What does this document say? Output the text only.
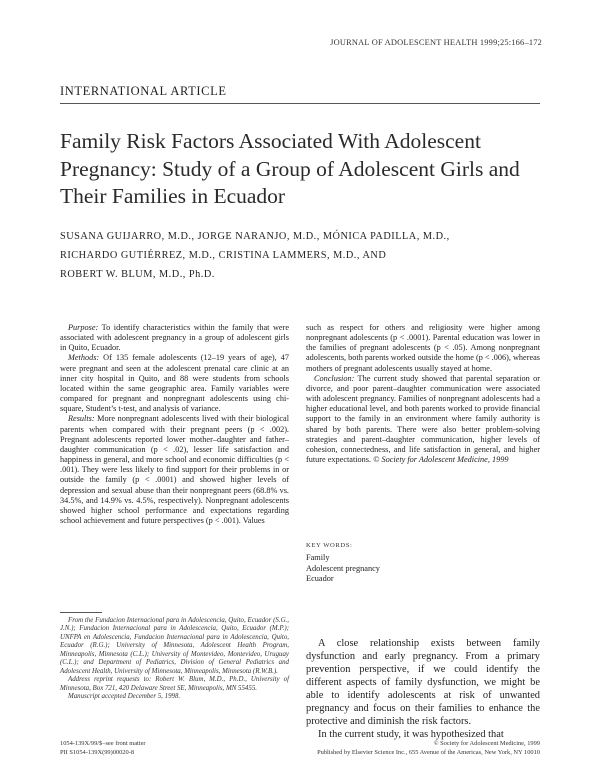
JOURNAL OF ADOLESCENT HEALTH 1999;25:166–172
INTERNATIONAL ARTICLE
Family Risk Factors Associated With Adolescent
Pregnancy: Study of a Group of Adolescent Girls and
Their Families in Ecuador
SUSANA GUIJARRO, M.D., JORGE NARANJO, M.D., MÓNICA PADILLA, M.D.,
RICHARDO GUTIÉRREZ, M.D., CRISTINA LAMMERS, M.D., AND
ROBERT W. BLUM, M.D., Ph.D.

Purpose: To identify characteristics within the family that were associated with adolescent pregnancy in a group of adolescent girls in Quito, Ecuador.

Methods: Of 135 female adolescents (12–19 years of age), 47 were pregnant and seen at the adolescent prenatal care clinic at an inner city hospital in Quito, and 88 were students from schools located within the same geographic area. Family variables were compared for pregnant and nonpregnant adolescents using chi-square, Student’s t-test, and analysis of variance.

Results: More nonpregnant adolescents lived with their biological parents when compared with their pregnant peers (p < .002). Pregnant adolescents reported lower mother–daughter and father–daughter communication (p < .02), lesser life satisfaction and happiness in general, and more school and economic difficulties (p < .001). They were less likely to find support for their problems in or outside the family (p < .0001) and showed higher levels of depression and sexual abuse than their nonpregnant peers (68.8% vs. 34.5%, and 14.9% vs. 4.5%, respectively). Nonpregnant adolescents showed higher school performance and expectations regarding school achievement and future perspectives (p < .001). Values

such as respect for others and religiosity were higher among nonpregnant adolescents (p < .0001). Parental education was lower in the families of pregnant adolescents (p < .05). Among nonpregnant adolescents, both parents worked outside the home (p < .006), whereas mothers of pregnant adolescents usually stayed at home.

Conclusion: The current study showed that parental separation or divorce, and poor parent–daughter communication were associated with adolescent pregnancy. Families of nonpregnant adolescents had a higher educational level, and both parents worked to provide financial support to the family in an environment where family authority is shared by both parents. There were also better problem-solving strategies and parent–daughter communication, higher levels of cohesion, connectedness, and life satisfaction in general, and higher future expectations. © Society for Adolescent Medicine, 1999

KEY WORDS:
Family
Adolescent pregnancy
Ecuador

From the Fundacion Internacional para in Adolescencia, Quito, Ecuador (S.G., J.N.); Fundacion Internacional para in Adolescencia, Quito, Ecuador (M.P.); UNFPA en Adolescencia, Fundacion Internacional para in Adolescencia, Quito, Ecuador (R.G.); University of Minnesota, Adolescent Health Program, Minneapolis, Minnesota (C.L.); University of Montevideo, Montevideo, Uruguay (C.L.); and Department of Pediatrics, Division of General Pediatrics and Adolescent Health, University of Minnesota, Minneapolis, Minnesota (R.W.B.).

Address reprint requests to: Robert W. Blum, M.D., Ph.D., University of Minnesota, Box 721, 420 Delaware Street SE, Minneapolis, MN 55455.

Manuscript accepted December 5, 1998.

A close relationship exists between family dysfunction and early pregnancy. From a primary prevention perspective, if we could identify the different aspects of family dysfunction, we might be able to identify adolescents at risk of unwanted pregnancy and focus on their families to enhance the protective and diminish the risk factors.

In the current study, it was hypothesized that

1054-139X/99/$–see front matter
PII S1054-139X(99)00020-8
© Society for Adolescent Medicine, 1999
Published by Elsevier Science Inc., 655 Avenue of the Americas, New York, NY 10010
